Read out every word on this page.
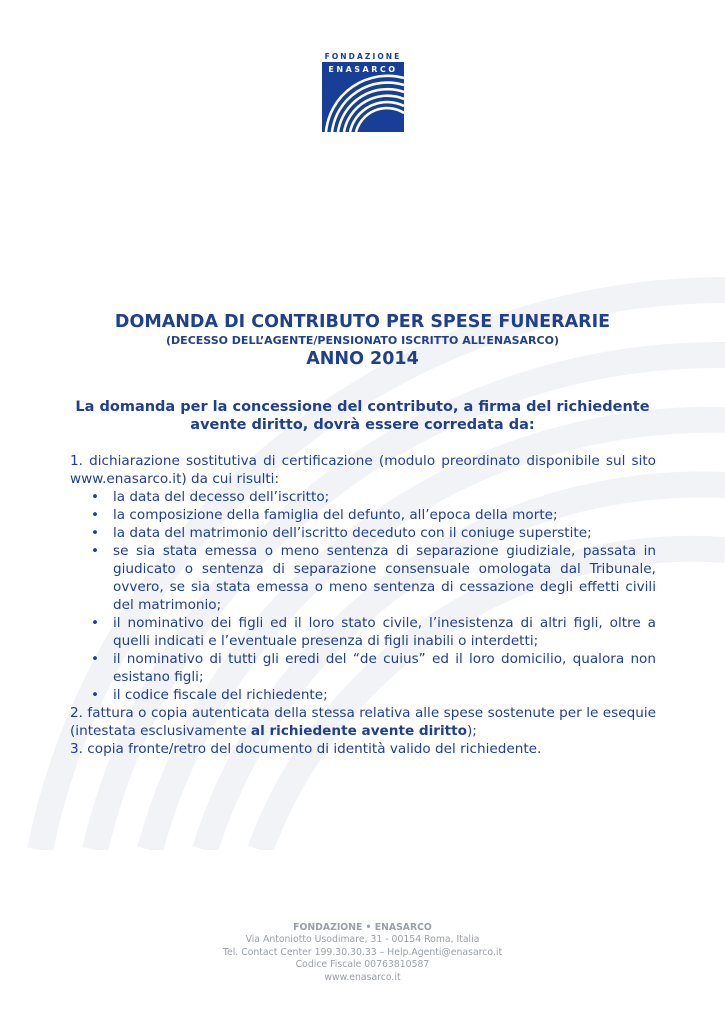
FONDAZIONE
ENASARCO
DOMANDA DI CONTRIBUTO PER SPESE FUNERARIE
(DECESSO DELL’AGENTE/PENSIONATO ISCRITTO ALL’ENASARCO)
ANNO 2014
La domanda per la concessione del contributo, a firma del richiedente avente diritto, dovrà essere corredata da:

1. dichiarazione sostitutiva di certificazione (modulo preordinato disponibile sul sito www.enasarco.it) da cui risulti:

• la data del decesso dell’iscritto;
• la composizione della famiglia del defunto, all’epoca della morte;
• la data del matrimonio dell’iscritto deceduto con il coniuge superstite;
• se sia stata emessa o meno sentenza di separazione giudiziale, passata in giudicato o sentenza di separazione consensuale omologata dal Tribunale, ovvero, se sia stata emessa o meno sentenza di cessazione degli effetti civili del matrimonio;
• il nominativo dei figli ed il loro stato civile, l’inesistenza di altri figli, oltre a quelli indicati e l’eventuale presenza di figli inabili o interdetti;
• il nominativo di tutti gli eredi del “de cuius” ed il loro domicilio, qualora non esistano figli;
• il codice fiscale del richiedente;

2. fattura o copia autenticata della stessa relativa alle spese sostenute per le esequie (intestata esclusivamente al richiedente avente diritto);

3. copia fronte/retro del documento di identità valido del richiedente.

FONDAZIONE • ENASARCO
Via Antoniotto Usodimare, 31 - 00154 Roma, Italia
Tel. Contact Center 199.30.30.33 – Help.Agenti@enasarco.it
Codice Fiscale 00763810587
www.enasarco.it
